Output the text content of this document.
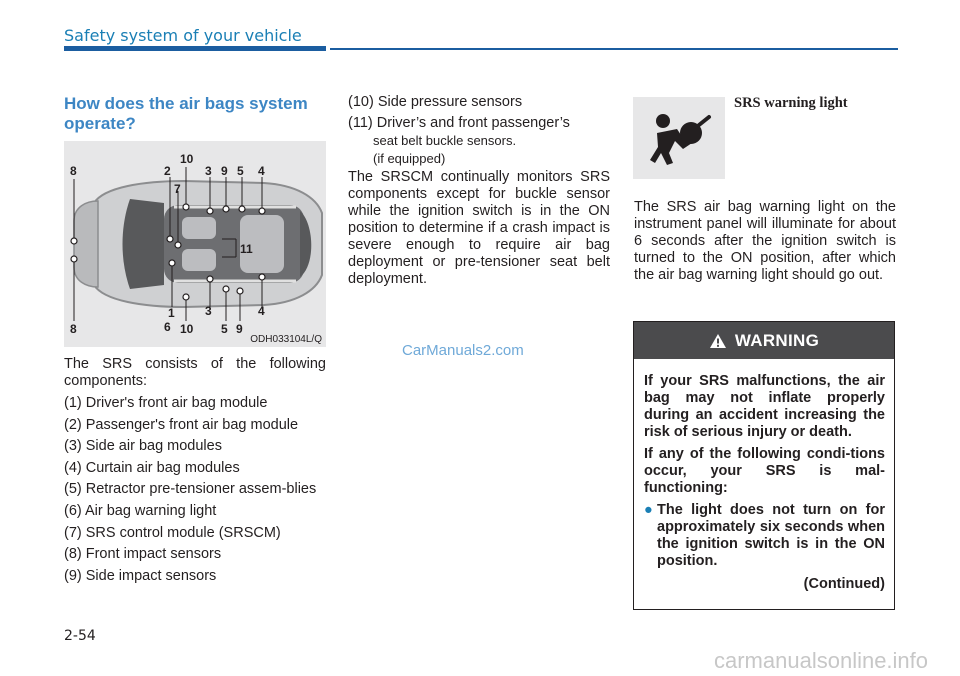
Safety system of your vehicle
How does the air bags system operate?
8
10
2
7
3 9 5 4
11
1
6 10
3
5 9
4
8
ODH033104L/Q

The SRS consists of the following components:

(1) Driver's front air bag module

(2) Passenger's front air bag module

(3) Side air bag modules

(4) Curtain air bag modules

(5) Retractor pre-tensioner assem-blies

(6) Air bag warning light

(7) SRS control module (SRSCM)

(8) Front impact sensors

(9) Side impact sensors

(10) Side pressure sensors

(11) Driver’s and front passenger’s

seat belt buckle sensors.

(if equipped)

The SRSCM continually monitors SRS components except for buckle sensor while the ignition switch is in the ON position to determine if a crash impact is severe enough to require air bag deployment or pre-tensioner seat belt deployment.

CarManuals2.com
SRS warning light

The SRS air bag warning light on the instrument panel will illuminate for about 6 seconds after the ignition switch is turned to the ON position, after which the air bag warning light should go out.

WARNING

If your SRS malfunctions, the air bag may not inflate properly during an accident increasing the risk of serious injury or death.

If any of the following condi-tions occur, your SRS is mal-functioning:

● The light does not turn on for approximately six seconds when the ignition switch is in the ON position.

(Continued)

2-54
carmanualsonline.info
